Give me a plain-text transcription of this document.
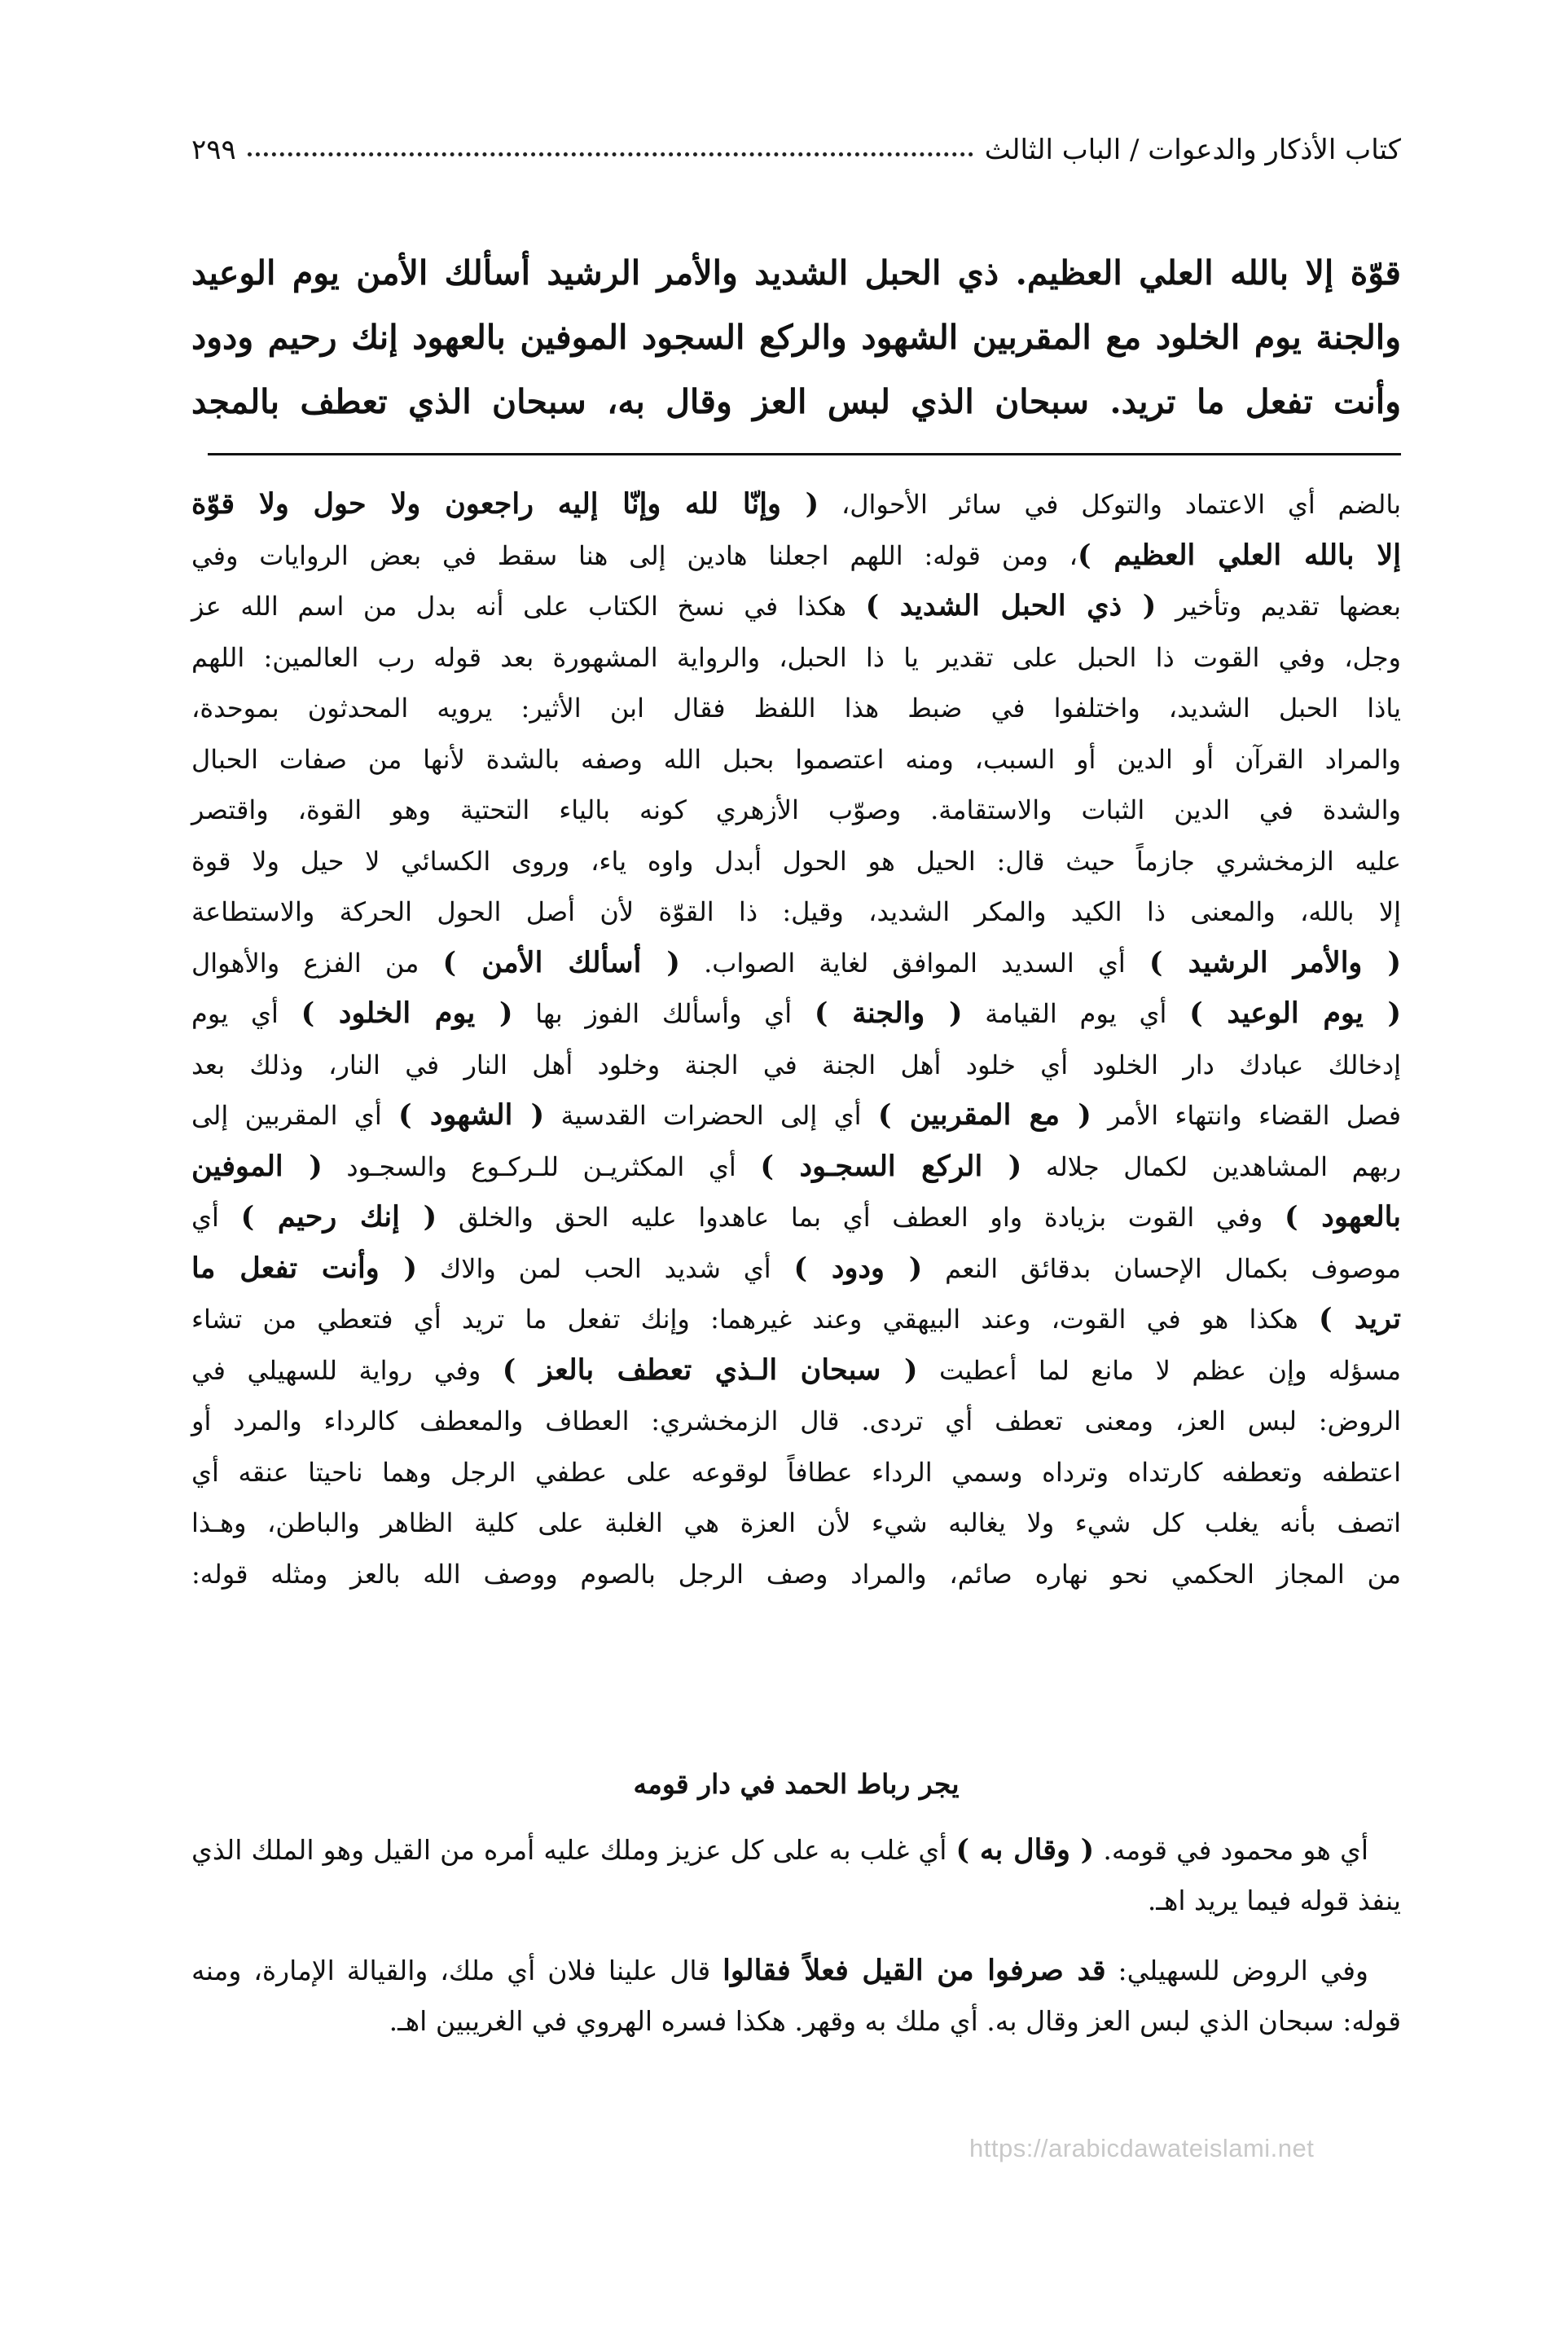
كتاب الأذكار والدعوات / الباب الثالث
٢٩٩

قوّة إلا بالله العلي العظيم. ذي الحبل الشديد والأمر الرشيد أسألك الأمن يوم الوعيد

والجنة يوم الخلود مع المقربين الشهود والركع السجود الموفين بالعهود إنك رحيم ودود

وأنت تفعل ما تريد. سبحان الذي لبس العز وقال به، سبحان الذي تعطف بالمجد

بالضم أي الاعتماد والتوكل في سائر الأحوال، ( وإنّا لله وإنّا إليه راجعون ولا حول ولا قوّة

إلا بالله العلي العظيم )، ومن قوله: اللهم اجعلنا هادين إلى هنا سقط في بعض الروايات وفي

بعضها تقديم وتأخير ( ذي الحبل الشديد ) هكذا في نسخ الكتاب على أنه بدل من اسم الله عز

وجل، وفي القوت ذا الحبل على تقدير يا ذا الحبل، والرواية المشهورة بعد قوله رب العالمين: اللهم

ياذا الحبل الشديد، واختلفوا في ضبط هذا اللفظ فقال ابن الأثير: يرويه المحدثون بموحدة،

والمراد القرآن أو الدين أو السبب، ومنه اعتصموا بحبل الله وصفه بالشدة لأنها من صفات الحبال

والشدة في الدين الثبات والاستقامة. وصوّب الأزهري كونه بالياء التحتية وهو القوة، واقتصر

عليه الزمخشري جازماً حيث قال: الحيل هو الحول أبدل واوه ياء، وروى الكسائي لا حيل ولا قوة

إلا بالله، والمعنى ذا الكيد والمكر الشديد، وقيل: ذا القوّة لأن أصل الحول الحركة والاستطاعة

( والأمر الرشيد ) أي السديد الموافق لغاية الصواب. ( أسألك الأمن ) من الفزع والأهوال

( يوم الوعيد ) أي يوم القيامة ( والجنة ) أي وأسألك الفوز بها ( يوم الخلود ) أي يوم

إدخالك عبادك دار الخلود أي خلود أهل الجنة في الجنة وخلود أهل النار في النار، وذلك بعد

فصل القضاء وانتهاء الأمر ( مع المقربين ) أي إلى الحضرات القدسية ( الشهود ) أي المقربين إلى

ربهم المشاهدين لكمال جلاله ( الركع السجـود ) أي المكثريـن للـركـوع والسجـود ( الموفين

بالعهود ) وفي القوت بزيادة واو العطف أي بما عاهدوا عليه الحق والخلق ( إنك رحيم ) أي

موصوف بكمال الإحسان بدقائق النعم ( ودود ) أي شديد الحب لمن والاك ( وأنت تفعل ما

تريد ) هكذا هو في القوت، وعند البيهقي وعند غيرهما: وإنك تفعل ما تريد أي فتعطي من تشاء

مسؤله وإن عظم لا مانع لما أعطيت ( سبحان الـذي تعطف بالعز ) وفي رواية للسهيلي في

الروض: لبس العز، ومعنى تعطف أي تردى. قال الزمخشري: العطاف والمعطف كالرداء والمرد أو

اعتطفه وتعطفه كارتداه وترداه وسمي الرداء عطافاً لوقوعه على عطفي الرجل وهما ناحيتا عنقه أي

اتصف بأنه يغلب كل شيء ولا يغالبه شيء لأن العزة هي الغلبة على كلية الظاهر والباطن، وهـذا

من المجاز الحكمي نحو نهاره صائم، والمراد وصف الرجل بالصوم ووصف الله بالعز ومثله قوله:

يجر رباط الحمد في دار قومه

أي هو محمود في قومه. ( وقال به ) أي غلب به على كل عزيز وملك عليه أمره من القيل وهو الملك الذي ينفذ قوله فيما يريد اهـ.

وفي الروض للسهيلي: قد صرفوا من القيل فعلاً فقالوا قال علينا فلان أي ملك، والقيالة الإمارة، ومنه قوله: سبحان الذي لبس العز وقال به. أي ملك به وقهر. هكذا فسره الهروي في الغريبين اهـ.

https://arabicdawateislami.net
